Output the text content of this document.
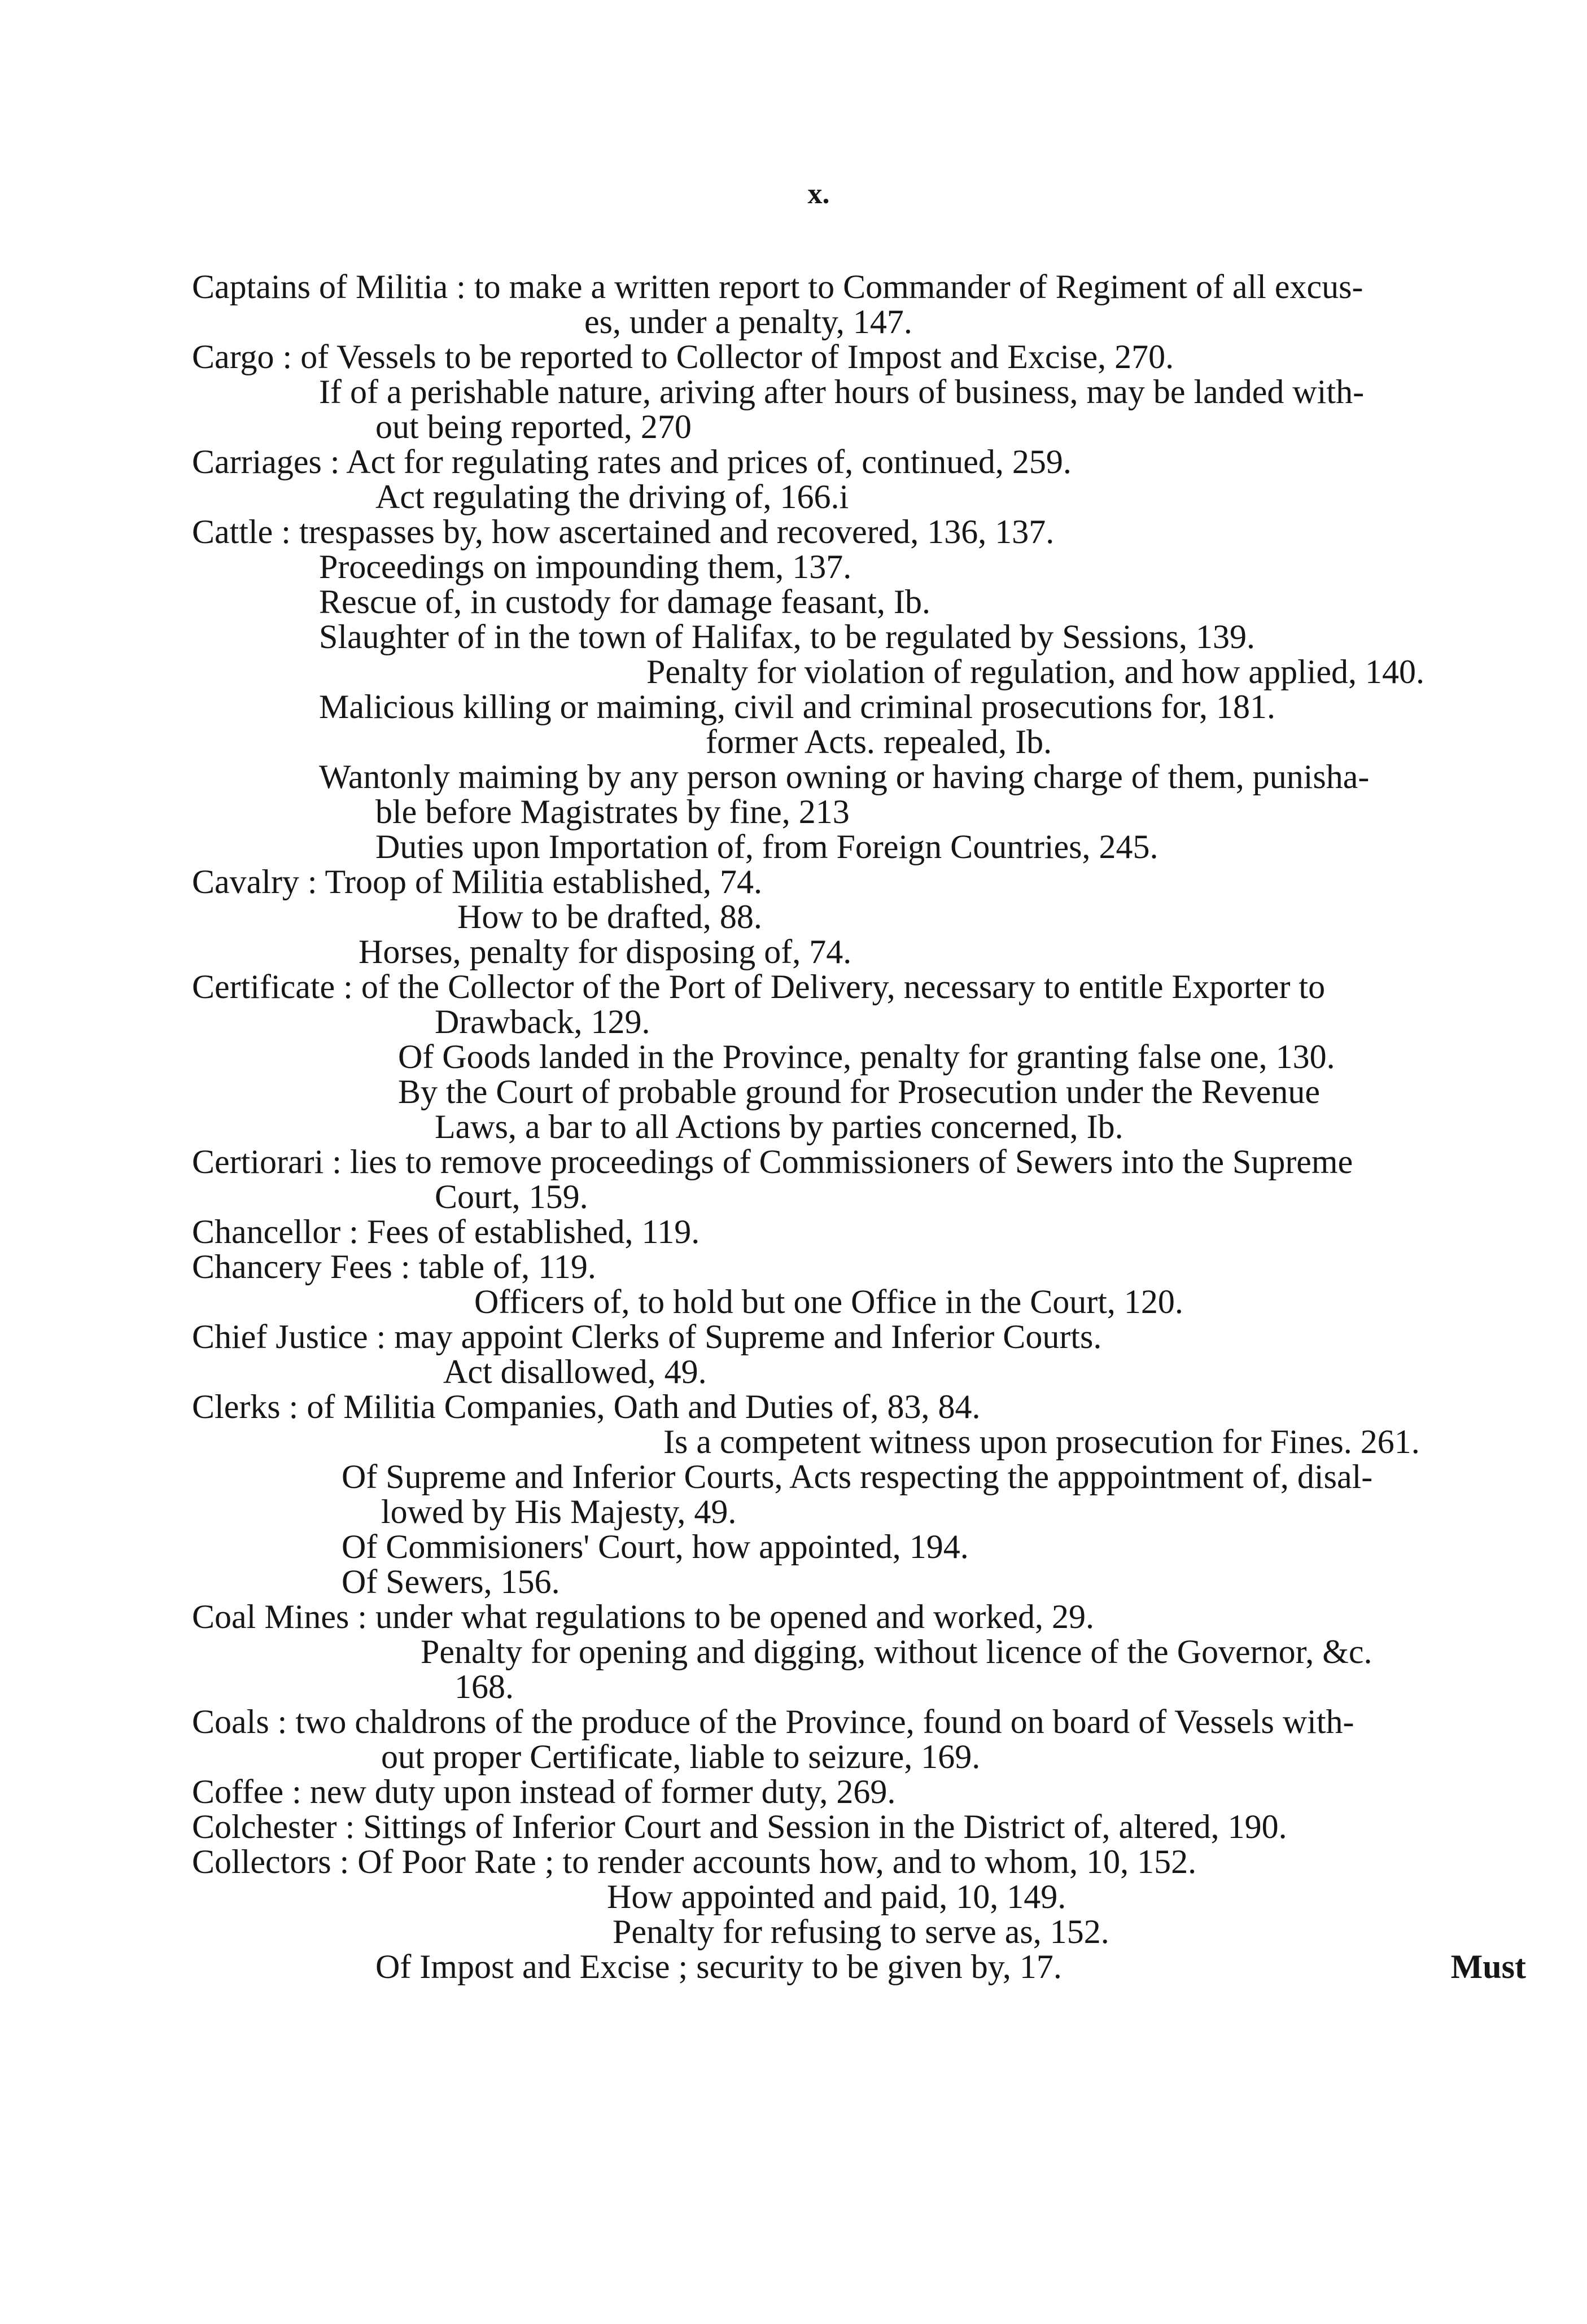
x.
Captains of Militia : to make a written report to Commander of Regiment of all excus-
es, under a penalty, 147.
Cargo : of Vessels to be reported to Collector of Impost and Excise, 270.
If of a perishable nature, ariving after hours of business, may be landed with-
out being reported, 270
Carriages : Act for regulating rates and prices of, continued, 259.
Act regulating the driving of, 166.i
Cattle : trespasses by, how ascertained and recovered, 136, 137.
Proceedings on impounding them, 137.
Rescue of, in custody for damage feasant, Ib.
Slaughter of in the town of Halifax, to be regulated by Sessions, 139.
Penalty for violation of regulation, and how applied, 140.
Malicious killing or maiming, civil and criminal prosecutions for, 181.
former Acts. repealed, Ib.
Wantonly maiming by any person owning or having charge of them, punisha-
ble before Magistrates by fine, 213
Duties upon Importation of, from Foreign Countries, 245.
Cavalry : Troop of Militia established, 74.
How to be drafted, 88.
Horses, penalty for disposing of, 74.
Certificate : of the Collector of the Port of Delivery, necessary to entitle Exporter to
Drawback, 129.
Of Goods landed in the Province, penalty for granting false one, 130.
By the Court of probable ground for Prosecution under the Revenue
Laws, a bar to all Actions by parties concerned, Ib.
Certiorari : lies to remove proceedings of Commissioners of Sewers into the Supreme
Court, 159.
Chancellor : Fees of established, 119.
Chancery Fees : table of, 119.
Officers of, to hold but one Office in the Court, 120.
Chief Justice : may appoint Clerks of Supreme and Inferior Courts.
Act disallowed, 49.
Clerks : of Militia Companies, Oath and Duties of, 83, 84.
Is a competent witness upon prosecution for Fines. 261.
Of Supreme and Inferior Courts, Acts respecting the apppointment of, disal-
lowed by His Majesty, 49.
Of Commisioners' Court, how appointed, 194.
Of Sewers, 156.
Coal Mines : under what regulations to be opened and worked, 29.
Penalty for opening and digging, without licence of the Governor, &c.
168.
Coals : two chaldrons of the produce of the Province, found on board of Vessels with-
out proper Certificate, liable to seizure, 169.
Coffee : new duty upon instead of former duty, 269.
Colchester : Sittings of Inferior Court and Session in the District of, altered, 190.
Collectors : Of Poor Rate ; to render accounts how, and to whom, 10, 152.
How appointed and paid, 10, 149.
Penalty for refusing to serve as, 152.
Of Impost and Excise ; security to be given by, 17.	Must
